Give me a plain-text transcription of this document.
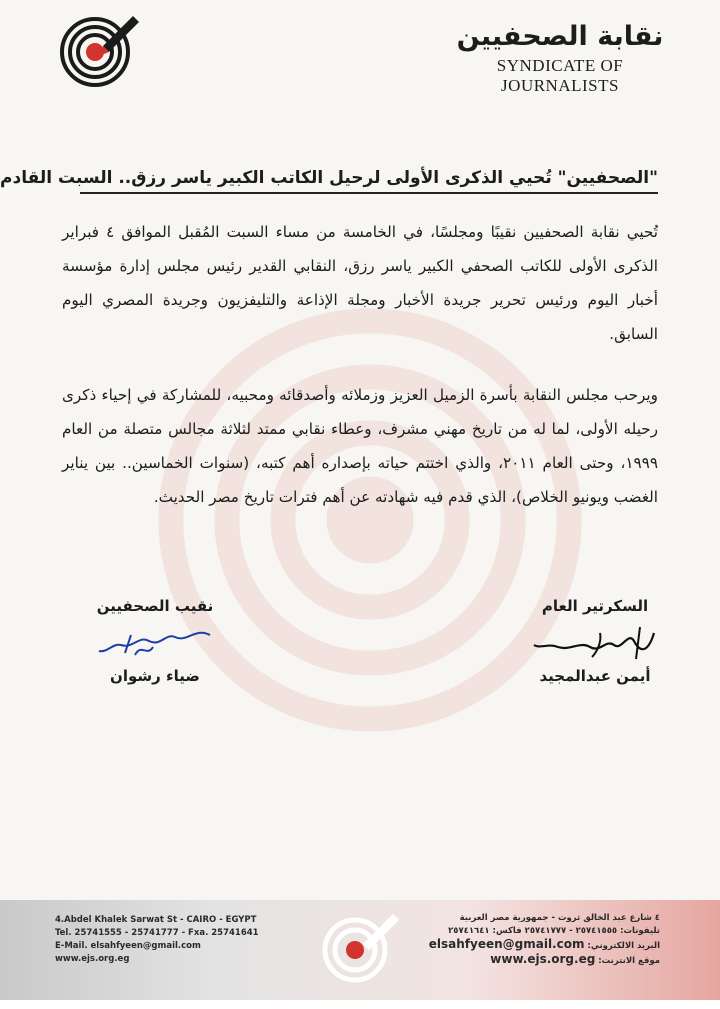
نقابة الصحفيين
SYNDICATE OF JOURNALISTS
"الصحفيين" تُحيي الذكرى الأولى لرحيل الكاتب الكبير ياسر رزق.. السبت القادم
تُحيي نقابة الصحفيين نقيبًا ومجلسًا، في الخامسة من مساء السبت المُقبل الموافق ٤ فبراير الذكرى الأولى للكاتب الصحفي الكبير ياسر رزق، النقابي القدير رئيس مجلس إدارة مؤسسة أخبار اليوم ورئيس تحرير جريدة الأخبار ومجلة الإذاعة والتليفزيون وجريدة المصري اليوم السابق.
ويرحب مجلس النقابة بأسرة الزميل العزيز وزملائه وأصدقائه ومحبيه، للمشاركة في إحياء ذكرى رحيله الأولى، لما له من تاريخ مهني مشرف، وعطاء نقابي ممتد لثلاثة مجالس متصلة من العام ١٩٩٩، وحتى العام ٢٠١١، والذي اختتم حياته بإصداره أهم كتبه، (سنوات الخماسين.. بين يناير الغضب ويونيو الخلاص)، الذي قدم فيه شهادته عن أهم فترات تاريخ مصر الحديث.
نقيب الصحفيين
ضياء رشوان
السكرتير العام
أيمن عبدالمجيد
4.Abdel Khalek Sarwat St - CAIRO - EGYPT
Tel. 25741555 - 25741777 - Fxa. 25741641
E-Mail. elsahfyeen@gmail.com
www.ejs.org.eg
٤ شارع عبد الخالق ثروت - جمهورية مصر العربية
تليفونات: ٢٥٧٤١٥٥٥ - ٢٥٧٤١٧٧٧ فاكس: ٢٥٧٤١٦٤١
البريد الالكتروني: elsahfyeen@gmail.com
موقع الانترنت: www.ejs.org.eg
